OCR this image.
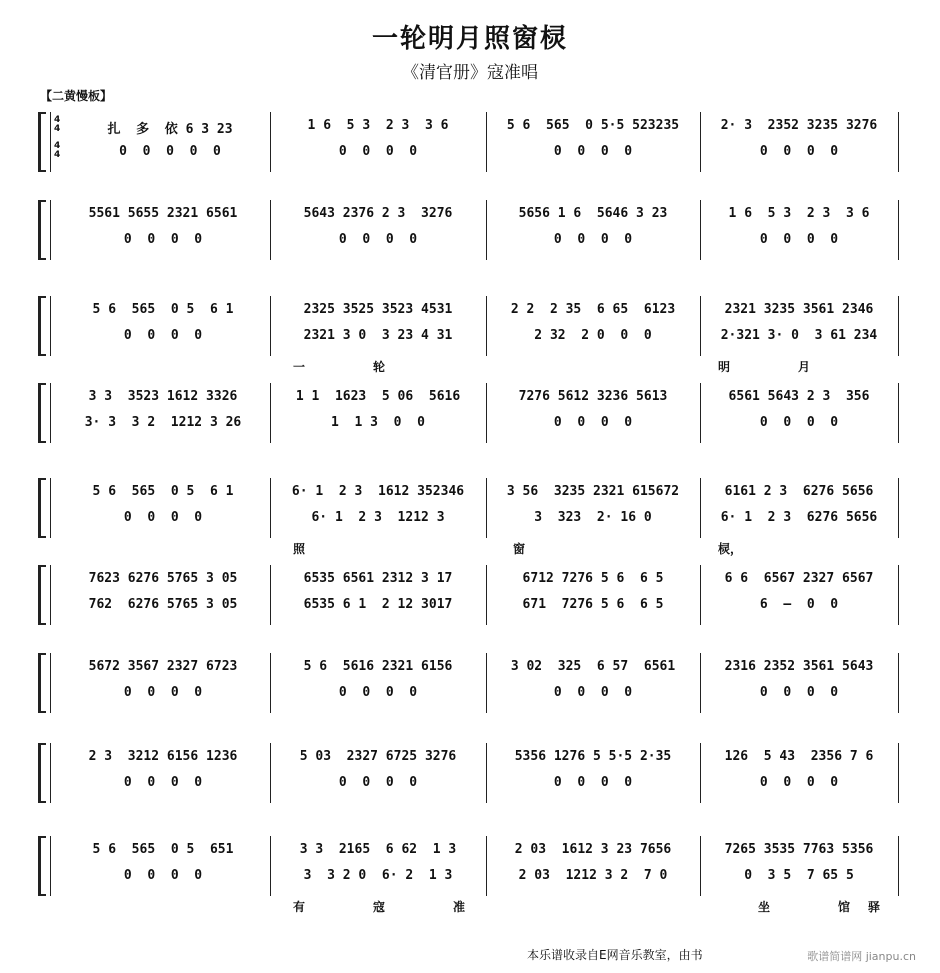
一轮明月照窗棂
《清官册》寇准唱
【二黄慢板】
4
4
4
4
扎  多  依 6 3 23	1 6  5 3  2 3  3 6	5 6  565  0 5·5 523235	2· 3  2352 3235 3276
0  0  0  0  0	0  0  0  0	0  0  0  0	0  0  0  0
5561 5655 2321 6561	5643 2376 2 3  3276	5656 1 6  5646 3 23	1 6  5 3  2 3  3 6
0  0  0  0	0  0  0  0	0  0  0  0	0  0  0  0
5 6  565  0 5  6 1	2325 3525 3523 4531	2 2  2 35  6 65  6123	2321 3235 3561 2346
0  0  0  0	2321 3 0  3 23 4 31	2 32  2 0  0  0	2·321 3· 0  3 61 234
一	轮	明	月
3 3  3523 1612 3326	1 1  1623  5 06  5616	7276 5612 3236 5613	6561 5643 2 3  356
3· 3  3 2  1212 3 26	1  1 3  0  0	0  0  0  0	0  0  0  0
5 6  565  0 5  6 1	6· 1  2 3  1612 352346	3 56  3235 2321 615672	6161 2 3  6276 5656
0  0  0  0	6· 1  2 3  1212 3	3  323  2· 16 0	6· 1  2 3  6276 5656
照	窗	棂，
7623 6276 5765 3 05	6535 6561 2312 3 17	6712 7276 5 6  6 5	6 6  6567 2327 6567
762  6276 5765 3 05	6535 6 1  2 12 3017	671  7276 5 6  6 5	6  —  0  0
5672 3567 2327 6723	5 6  5616 2321 6156	3 02  325  6 57  6561	2316 2352 3561 5643
0  0  0  0	0  0  0  0	0  0  0  0	0  0  0  0
2 3  3212 6156 1236	5 03  2327 6725 3276	5356 1276 5 5·5 2·35	126  5 43  2356 7 6
0  0  0  0	0  0  0  0	0  0  0  0	0  0  0  0
5 6  565  0 5  651	3 3  2165  6 62  1 3	2 03  1612 3 23 7656	7265 3535 7763 5356
0  0  0  0	3  3 2 0  6· 2  1 3	2 03  1212 3 2  7 0	0  3 5  7 65 5
有	寇	准	坐	馆 驿
本乐谱收录自E网音乐教室，由书	歌谱简谱网 jianpu.cn
